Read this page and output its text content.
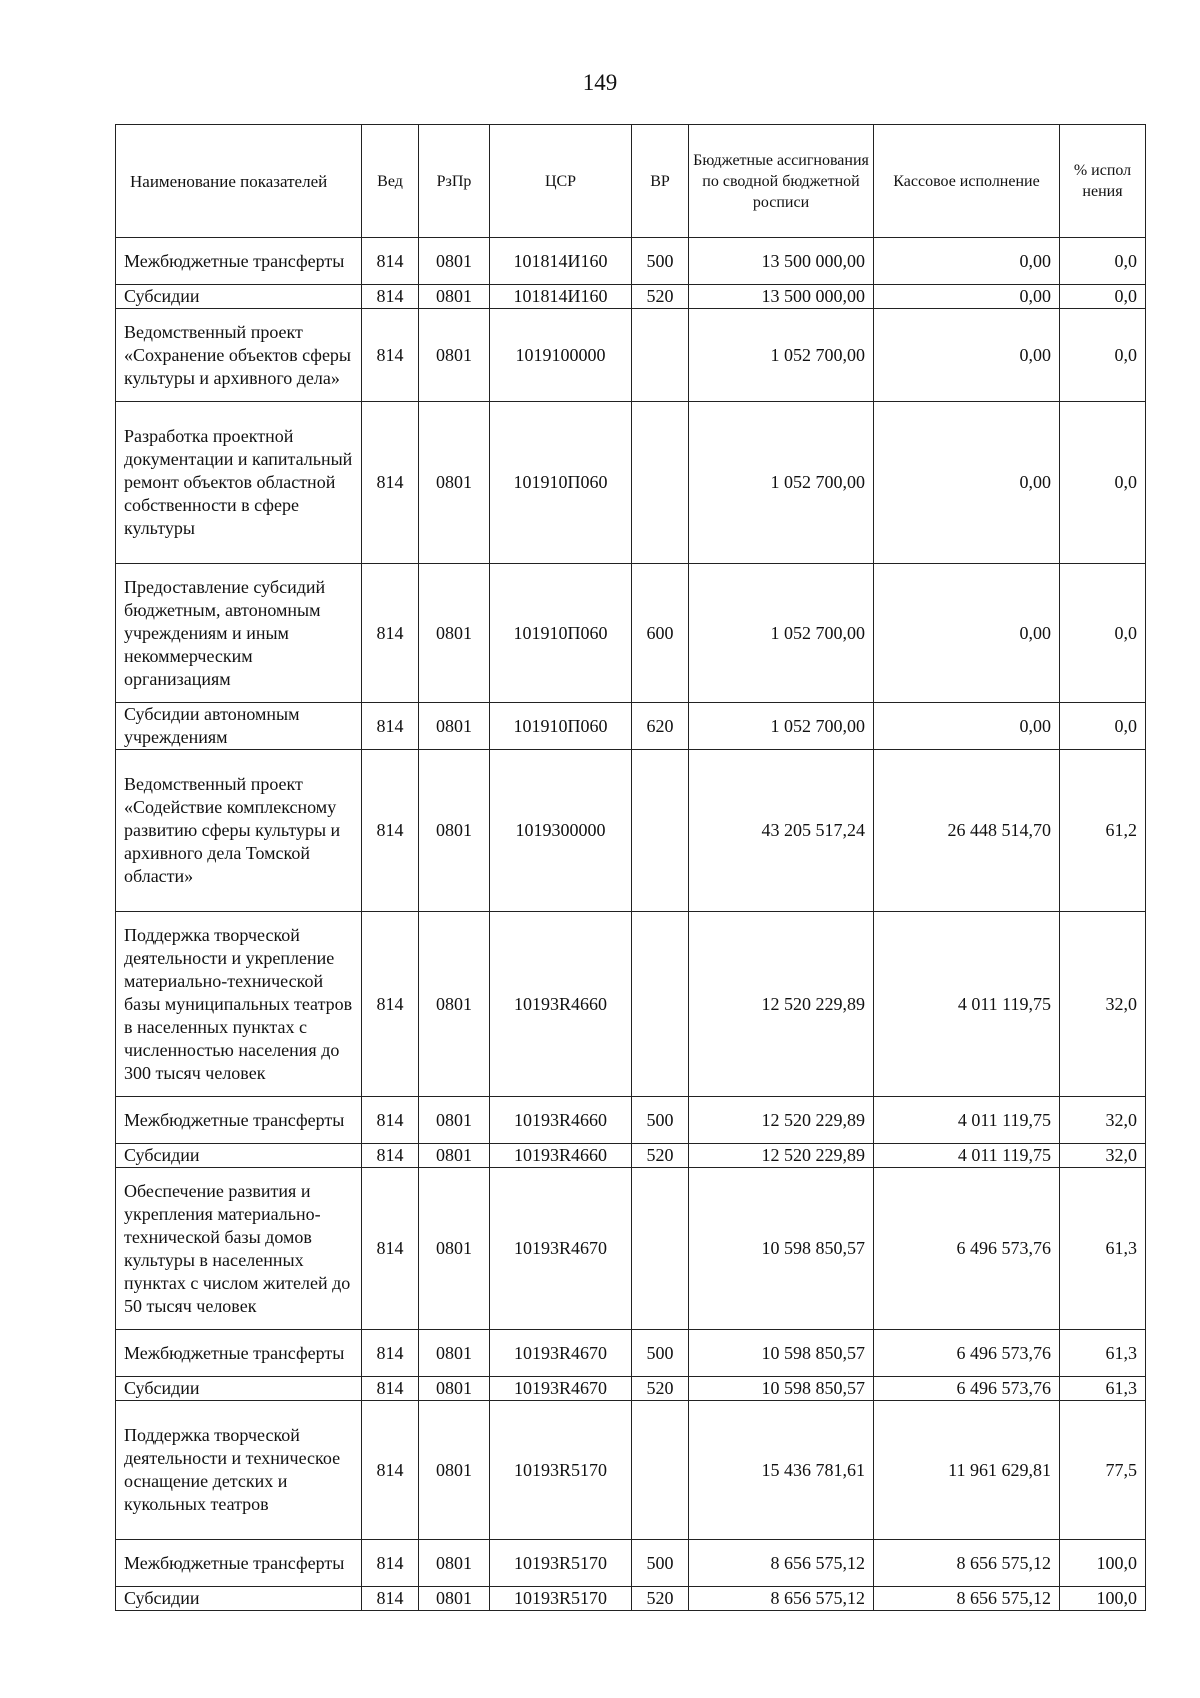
149
Наименование показателей	Вед	РзПр	ЦСР	ВР	Бюджетные ассигнования по сводной бюджетной росписи	Кассовое исполнение	% испол нения
Межбюджетные трансферты	814	0801	101814И160	500	13 500 000,00	0,00	0,0
Субсидии	814	0801	101814И160	520	13 500 000,00	0,00	0,0
Ведомственный проект «Сохранение объектов сферы культуры и архивного дела»	814	0801	1019100000		1 052 700,00	0,00	0,0
Разработка проектной документации и капитальный ремонт объектов областной собственности в сфере культуры	814	0801	101910П060		1 052 700,00	0,00	0,0
Предоставление субсидий бюджетным, автономным учреждениям и иным некоммерческим организациям	814	0801	101910П060	600	1 052 700,00	0,00	0,0
Субсидии автономным учреждениям	814	0801	101910П060	620	1 052 700,00	0,00	0,0
Ведомственный проект «Содействие комплексному развитию сферы культуры и архивного дела Томской области»	814	0801	1019300000		43 205 517,24	26 448 514,70	61,2
Поддержка творческой деятельности и укрепление материально-технической базы муниципальных театров в населенных пунктах с численностью населения до 300 тысяч человек	814	0801	10193R4660		12 520 229,89	4 011 119,75	32,0
Межбюджетные трансферты	814	0801	10193R4660	500	12 520 229,89	4 011 119,75	32,0
Субсидии	814	0801	10193R4660	520	12 520 229,89	4 011 119,75	32,0
Обеспечение развития и укрепления материально-технической базы домов культуры в населенных пунктах с числом жителей до 50 тысяч человек	814	0801	10193R4670		10 598 850,57	6 496 573,76	61,3
Межбюджетные трансферты	814	0801	10193R4670	500	10 598 850,57	6 496 573,76	61,3
Субсидии	814	0801	10193R4670	520	10 598 850,57	6 496 573,76	61,3
Поддержка творческой деятельности и техническое оснащение детских и кукольных театров	814	0801	10193R5170		15 436 781,61	11 961 629,81	77,5
Межбюджетные трансферты	814	0801	10193R5170	500	8 656 575,12	8 656 575,12	100,0
Субсидии	814	0801	10193R5170	520	8 656 575,12	8 656 575,12	100,0
